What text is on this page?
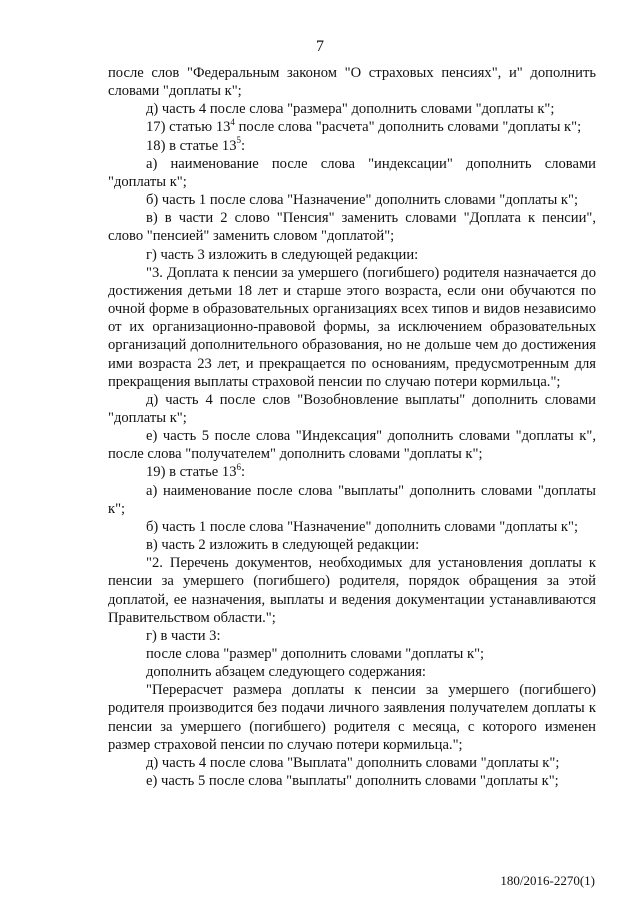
7

после слов "Федеральным законом "О страховых пенсиях", и" дополнить словами "доплаты к";

д) часть 4 после слова "размера" дополнить словами "доплаты к";

17) статью $13^4$ после слова "расчета" дополнить словами "доплаты к";

18) в статье $13^5$:

а) наименование после слова "индексации" дополнить словами "доплаты к";

б) часть 1 после слова "Назначение" дополнить словами "доплаты к";

в) в части 2 слово "Пенсия" заменить словами "Доплата к пенсии", слово "пенсией" заменить словом "доплатой";

г) часть 3 изложить в следующей редакции:

"3. Доплата к пенсии за умершего (погибшего) родителя назначается до достижения детьми 18 лет и старше этого возраста, если они обучаются по очной форме в образовательных организациях всех типов и видов независимо от их организационно-правовой формы, за исключением образовательных организаций дополнительного образования, но не дольше чем до достижения ими возраста 23 лет, и прекращается по основаниям, предусмотренным для прекращения выплаты страховой пенсии по случаю потери кормильца.";

д) часть 4 после слов "Возобновление выплаты" дополнить словами "доплаты к";

е) часть 5 после слова "Индексация" дополнить словами "доплаты к", после слова "получателем" дополнить словами "доплаты к";

19) в статье $13^6$:

а) наименование после слова "выплаты" дополнить словами "доплаты к";

б) часть 1 после слова "Назначение" дополнить словами "доплаты к";

в) часть 2 изложить в следующей редакции:

"2. Перечень документов, необходимых для установления доплаты к пенсии за умершего (погибшего) родителя, порядок обращения за этой доплатой, ее назначения, выплаты и ведения документации устанавливаются Правительством области.";

г) в части 3:

после слова "размер" дополнить словами "доплаты к";

дополнить абзацем следующего содержания:

"Перерасчет размера доплаты к пенсии за умершего (погибшего) родителя производится без подачи личного заявления получателем доплаты к пенсии за умершего (погибшего) родителя с месяца, с которого изменен размер страховой пенсии по случаю потери кормильца.";

д) часть 4 после слова "Выплата" дополнить словами "доплаты к";

е) часть 5 после слова "выплаты" дополнить словами "доплаты к";

180/2016-2270(1)
